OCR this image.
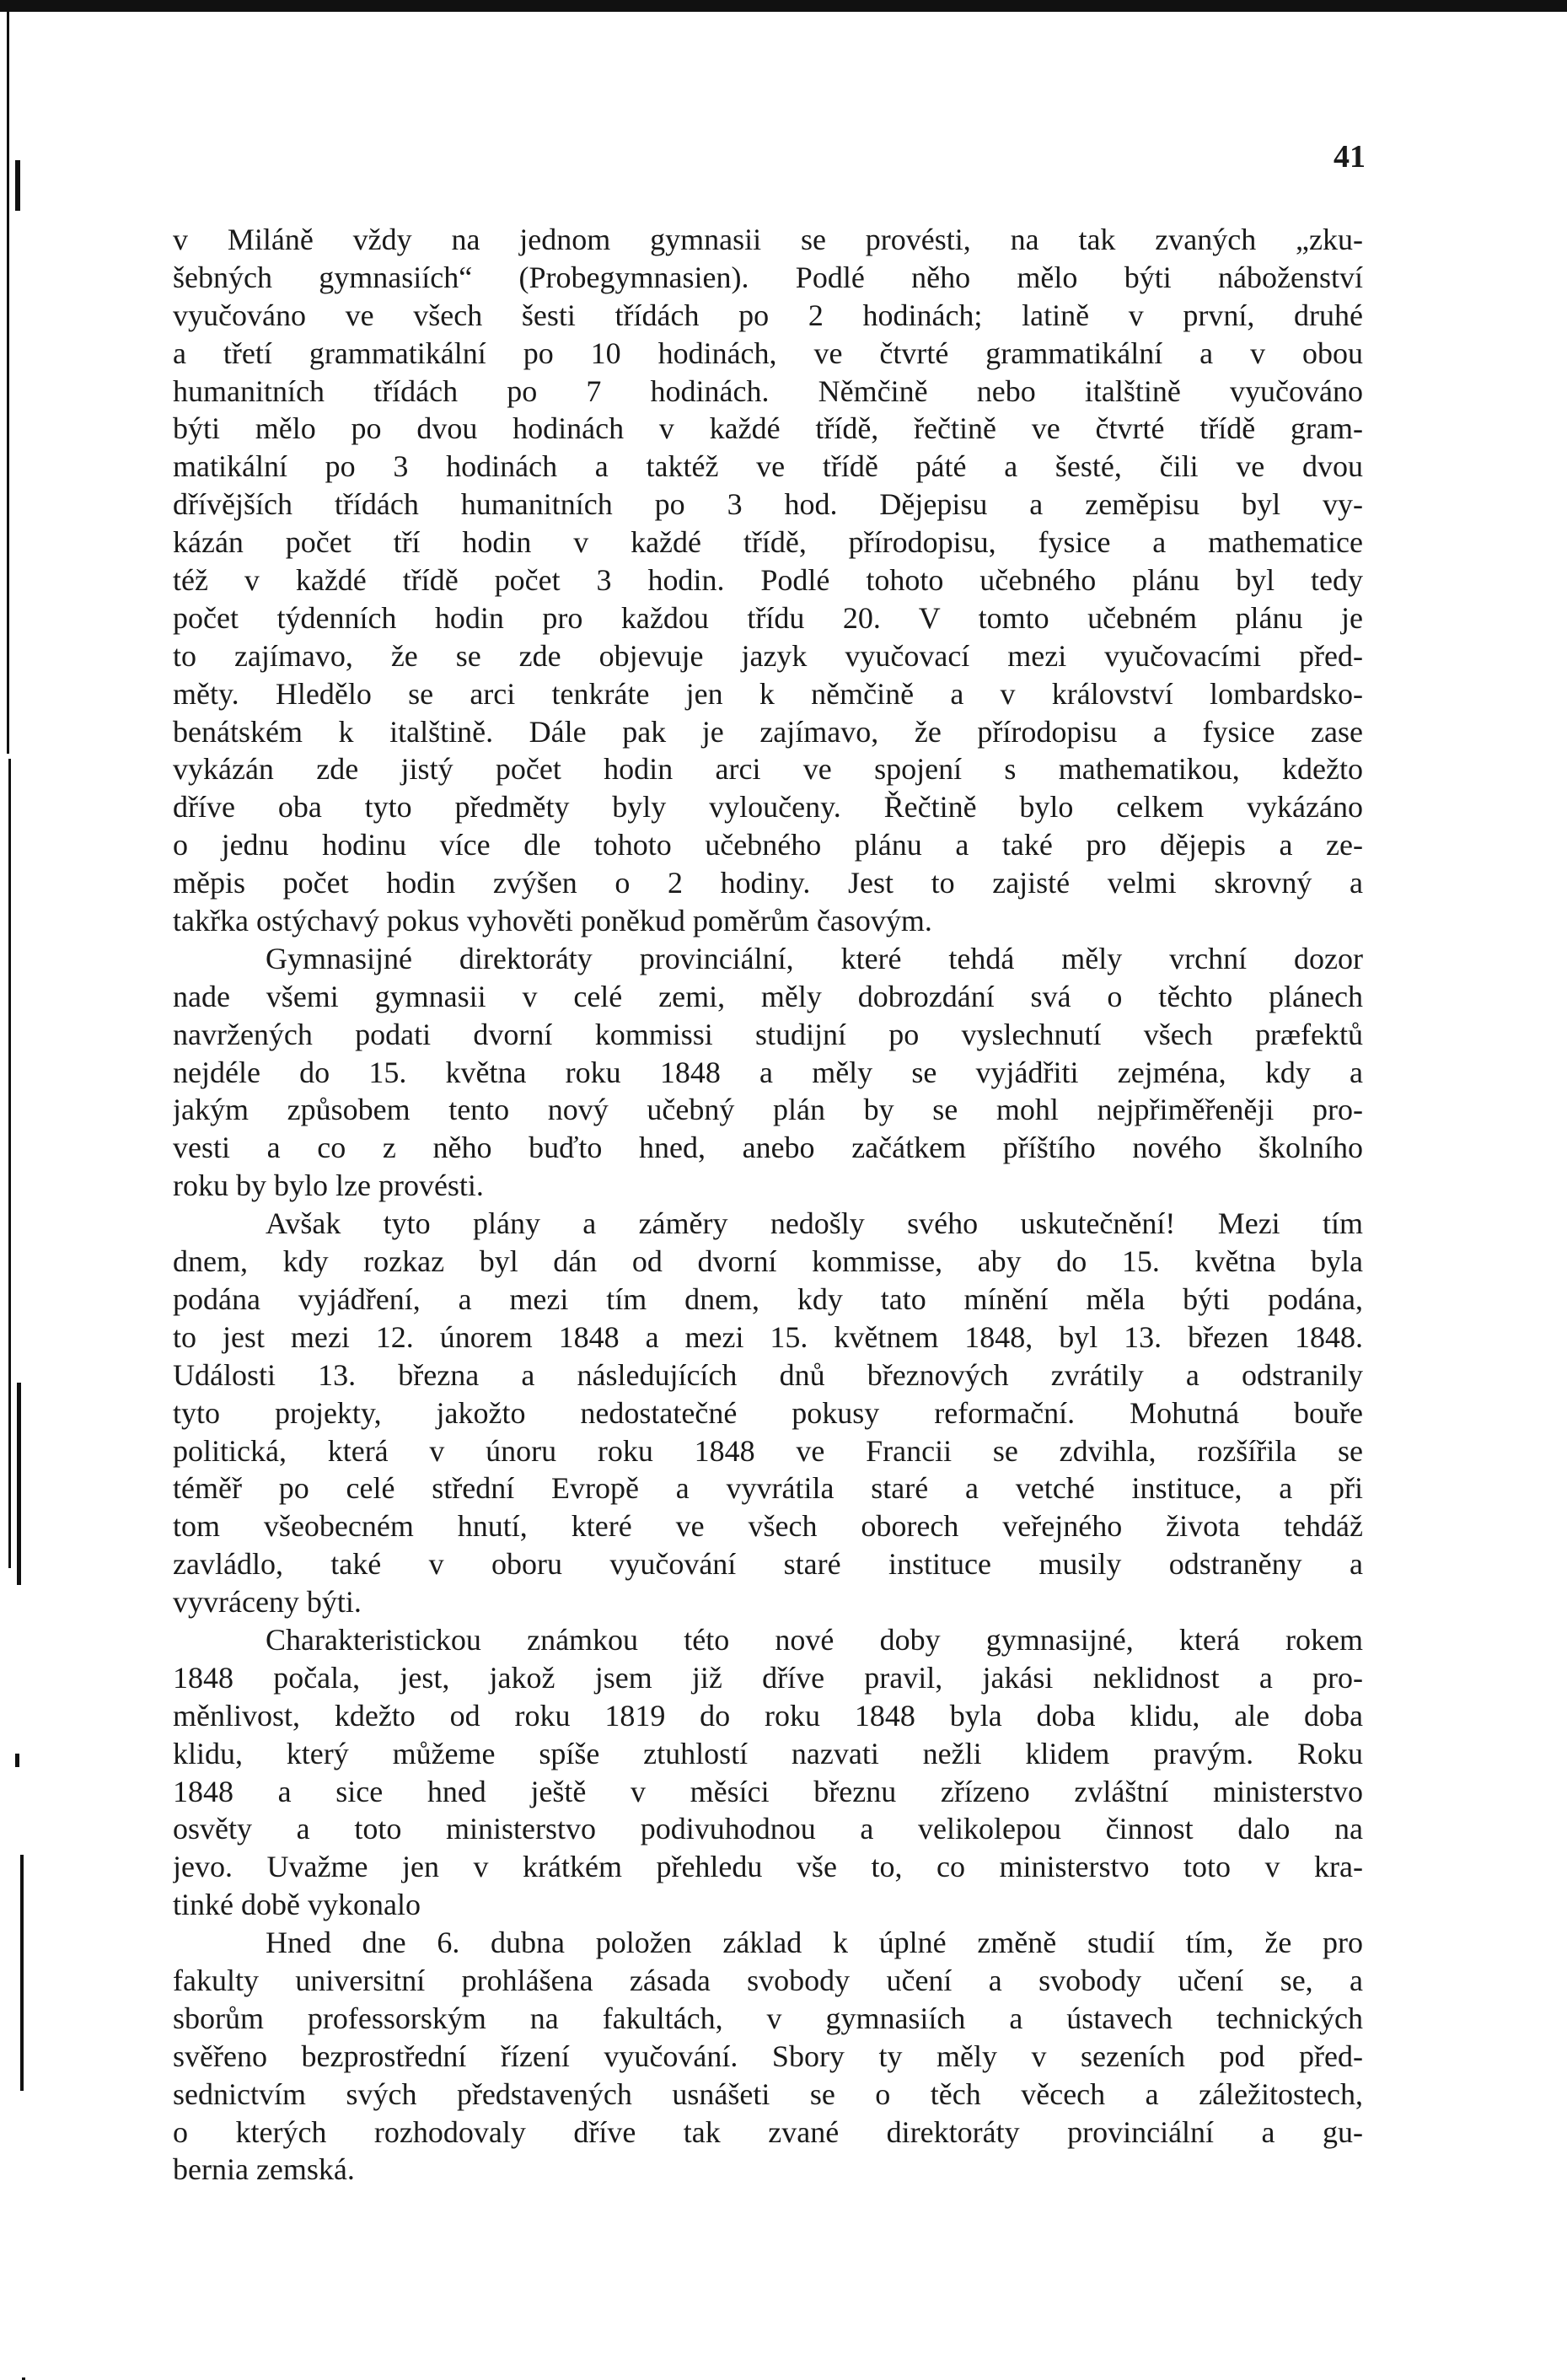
41
v Miláně vždy na jednom gymnasii se provésti, na tak zvaných „zku-
šebných gymnasiích“ (Probegymnasien). Podlé něho mělo býti náboženství
vyučováno ve všech šesti třídách po 2 hodinách; latině v první, druhé
a třetí grammatikální po 10 hodinách, ve čtvrté grammatikální a v obou
humanitních třídách po 7 hodinách. Němčině nebo italštině vyučováno
býti mělo po dvou hodinách v každé třídě, řečtině ve čtvrté třídě gram-
matikální po 3 hodinách a taktéž ve třídě páté a šesté, čili ve dvou
dřívějších třídách humanitních po 3 hod. Dějepisu a zeměpisu byl vy-
kázán počet tří hodin v každé třídě, přírodopisu, fysice a mathematice
též v každé třídě počet 3 hodin. Podlé tohoto učebného plánu byl tedy
počet týdenních hodin pro každou třídu 20. V tomto učebném plánu je
to zajímavo, že se zde objevuje jazyk vyučovací mezi vyučovacími před-
měty. Hledělo se arci tenkráte jen k němčině a v království lombardsko-
benátském k italštině. Dále pak je zajímavo, že přírodopisu a fysice zase
vykázán zde jistý počet hodin arci ve spojení s mathematikou, kdežto
dříve oba tyto předměty byly vyloučeny. Řečtině bylo celkem vykázáno
o jednu hodinu více dle tohoto učebného plánu a také pro dějepis a ze-
měpis počet hodin zvýšen o 2 hodiny. Jest to zajisté velmi skrovný a
takřka ostýchavý pokus vyhověti poněkud poměrům časovým.
Gymnasijné direktoráty provinciální, které tehdá měly vrchní dozor
nade všemi gymnasii v celé zemi, měly dobrozdání svá o těchto plánech
navržených podati dvorní kommissi studijní po vyslechnutí všech præfektů
nejdéle do 15. května roku 1848 a měly se vyjádřiti zejména, kdy a
jakým způsobem tento nový učebný plán by se mohl nejpřiměřeněji pro-
vesti a co z něho buďto hned, anebo začátkem příštího nového školního
roku by bylo lze provésti.
Avšak tyto plány a záměry nedošly svého uskutečnění! Mezi tím
dnem, kdy rozkaz byl dán od dvorní kommisse, aby do 15. května byla
podána vyjádření, a mezi tím dnem, kdy tato mínění měla býti podána,
to jest mezi 12. únorem 1848 a mezi 15. květnem 1848, byl 13. březen 1848.
Události 13. března a následujících dnů březnových zvrátily a odstranily
tyto projekty, jakožto nedostatečné pokusy reformační. Mohutná bouře
politická, která v únoru roku 1848 ve Francii se zdvihla, rozšířila se
téměř po celé střední Evropě a vyvrátila staré a vetché instituce, a při
tom všeobecném hnutí, které ve všech oborech veřejného života tehdáž
zavládlo, také v oboru vyučování staré instituce musily odstraněny a
vyvráceny býti.
Charakteristickou známkou této nové doby gymnasijné, která rokem
1848 počala, jest, jakož jsem již dříve pravil, jakási neklidnost a pro-
měnlivost, kdežto od roku 1819 do roku 1848 byla doba klidu, ale doba
klidu, který můžeme spíše ztuhlostí nazvati nežli klidem pravým. Roku
1848 a sice hned ještě v měsíci březnu zřízeno zvláštní ministerstvo
osvěty a toto ministerstvo podivuhodnou a velikolepou činnost dalo na
jevo. Uvažme jen v krátkém přehledu vše to, co ministerstvo toto v kra-
tinké době vykonalo
Hned dne 6. dubna položen základ k úplné změně studií tím, že pro
fakulty universitní prohlášena zásada svobody učení a svobody učení se, a
sborům professorským na fakultách, v gymnasiích a ústavech technických
svěřeno bezprostřední řízení vyučování. Sbory ty měly v sezeních pod před-
sednictvím svých představených usnášeti se o těch věcech a záležitostech,
o kterých rozhodovaly dříve tak zvané direktoráty provinciální a gu-
bernia zemská.
